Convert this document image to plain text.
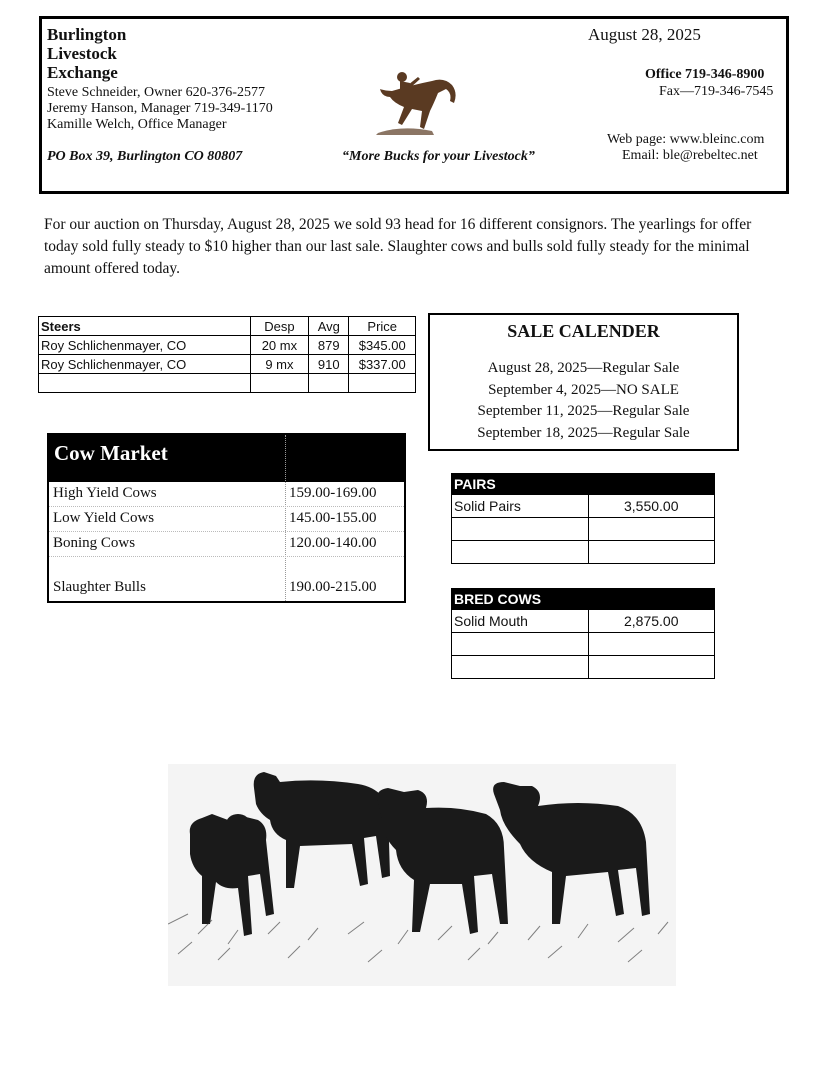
Burlington
Livestock
Exchange
Steve Schneider, Owner 620-376-2577
Jeremy Hanson, Manager 719-349-1170
Kamille Welch, Office Manager
PO Box 39, Burlington CO 80807	“More Bucks for your Livestock”
August 28, 2025
Office 719-346-8900
Fax—719-346-7545
Web page: www.bleinc.com
Email: ble@rebeltec.net
For our auction on Thursday, August 28, 2025 we sold 93 head for 16 different consignors. The yearlings for offer today sold fully steady to $10 higher than our last sale. Slaughter cows and bulls sold fully steady for the minimal amount offered today.
Steers	Desp	Avg	Price
Roy Schlichenmayer, CO	20 mx	879	$345.00
Roy Schlichenmayer, CO	9 mx	910	$337.00

SALE CALENDER
August 28, 2025—Regular Sale
September 4, 2025—NO SALE
September 11, 2025—Regular Sale
September 18, 2025—Regular Sale
Cow Market
High Yield Cows	159.00-169.00
Low Yield Cows	145.00-155.00
Boning Cows	120.00-140.00
Slaughter Bulls	190.00-215.00
PAIRS	
Solid Pairs	3,550.00

BRED COWS	
Solid Mouth	2,875.00
